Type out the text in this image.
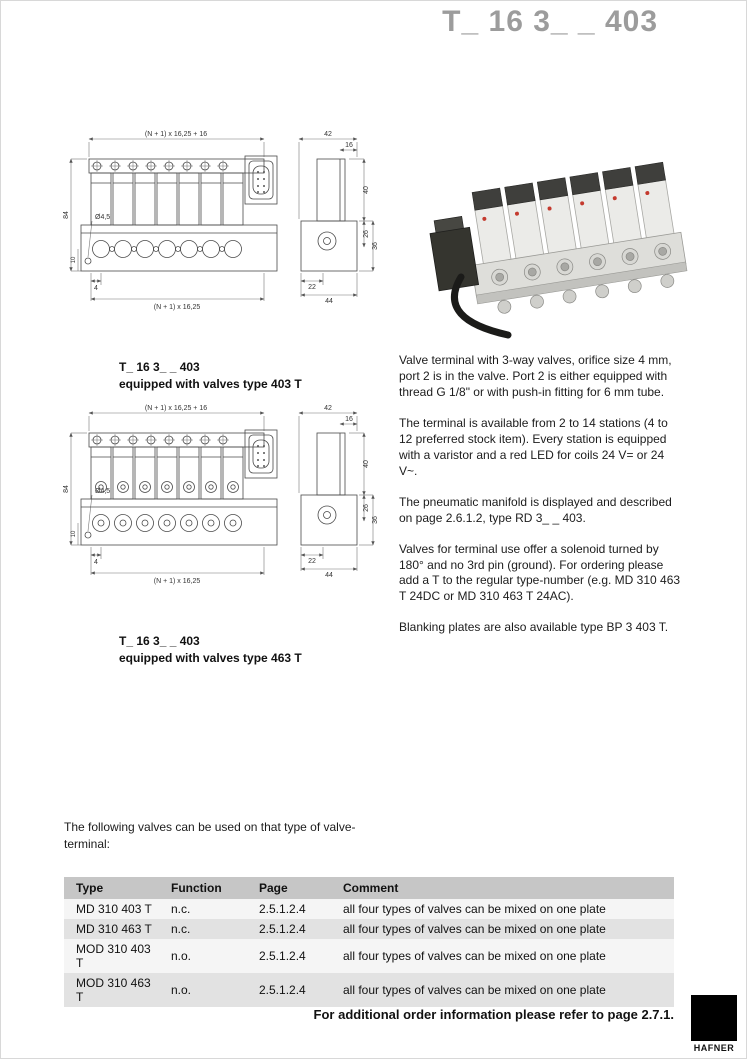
T_ 16 3_ _ 403
(N + 1) x 16,25 + 16
84
10
Ø4,5
4
(N + 1) x 16,25
42
16
40
26
36
22
44
T_ 16 3_ _ 403
equipped with valves type 403 T

Valve terminal with 3-way valves, orifice size 4 mm, port 2 is in the valve. Port 2 is either equipped with thread G 1/8" or with push-in fitting for 6 mm tube.

The terminal is available from 2 to 14 stations (4 to 12 preferred stock item). Every station is equipped with a varistor and a red LED for coils 24 V= or 24 V~.

The pneumatic manifold is displayed and described on page 2.6.1.2, type RD 3_ _ 403.

Valves for terminal use offer a solenoid turned by 180° and no 3rd pin (ground). For ordering please add a T to the regular type-number (e.g. MD 310 463 T 24DC or MD 310 463 T 24AC).

Blanking plates are also available type BP 3 403 T.

(N + 1) x 16,25 + 16
84
10
Ø4,5
4
(N + 1) x 16,25
42
16
40
26
36
22
44
T_ 16 3_ _ 403
equipped with valves type 463 T
The following valves can be used on that type of valve-terminal:
Type	Function	Page	Comment
MD 310 403 T	n.c.	2.5.1.2.4	all four types of valves can be mixed on one plate
MD 310 463 T	n.c.	2.5.1.2.4	all four types of valves can be mixed on one plate
MOD 310 403 T	n.o.	2.5.1.2.4	all four types of valves can be mixed on one plate
MOD 310 463 T	n.o.	2.5.1.2.4	all four types of valves can be mixed on one plate
For additional order information please refer to page 2.7.1.
HAFNER
